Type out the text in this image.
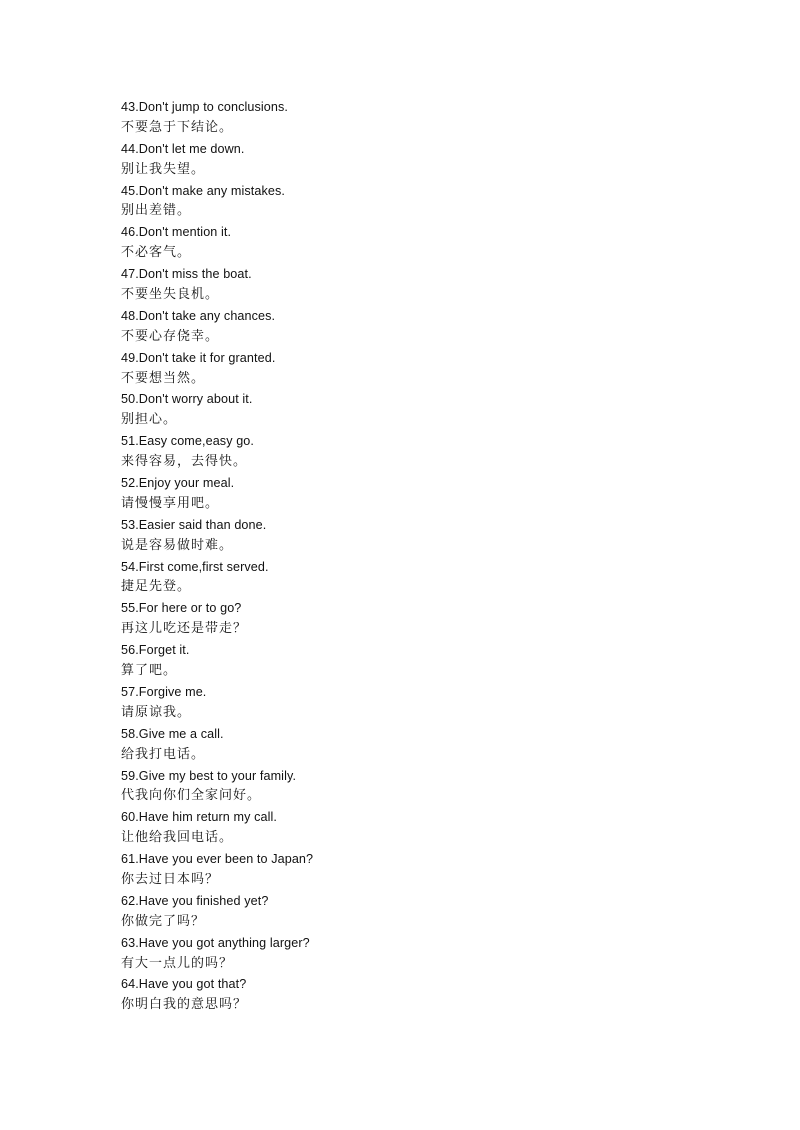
43.Don't jump to conclusions.
不要急于下结论。
44.Don't let me down.
别让我失望。
45.Don't make any mistakes.
别出差错。
46.Don't mention it.
不必客气。
47.Don't miss the boat.
不要坐失良机。
48.Don't take any chances.
不要心存侥幸。
49.Don't take it for granted.
不要想当然。
50.Don't worry about it.
别担心。
51.Easy come,easy go.
来得容易，去得快。
52.Enjoy your meal.
请慢慢享用吧。
53.Easier said than done.
说是容易做时难。
54.First come,first served.
捷足先登。
55.For here or to go?
再这儿吃还是带走？
56.Forget it.
算了吧。
57.Forgive me.
请原谅我。
58.Give me a call.
给我打电话。
59.Give my best to your family.
代我向你们全家问好。
60.Have him return my call.
让他给我回电话。
61.Have you ever been to Japan?
你去过日本吗？
62.Have you finished yet?
你做完了吗？
63.Have you got anything larger?
有大一点儿的吗？
64.Have you got that?
你明白我的意思吗？
